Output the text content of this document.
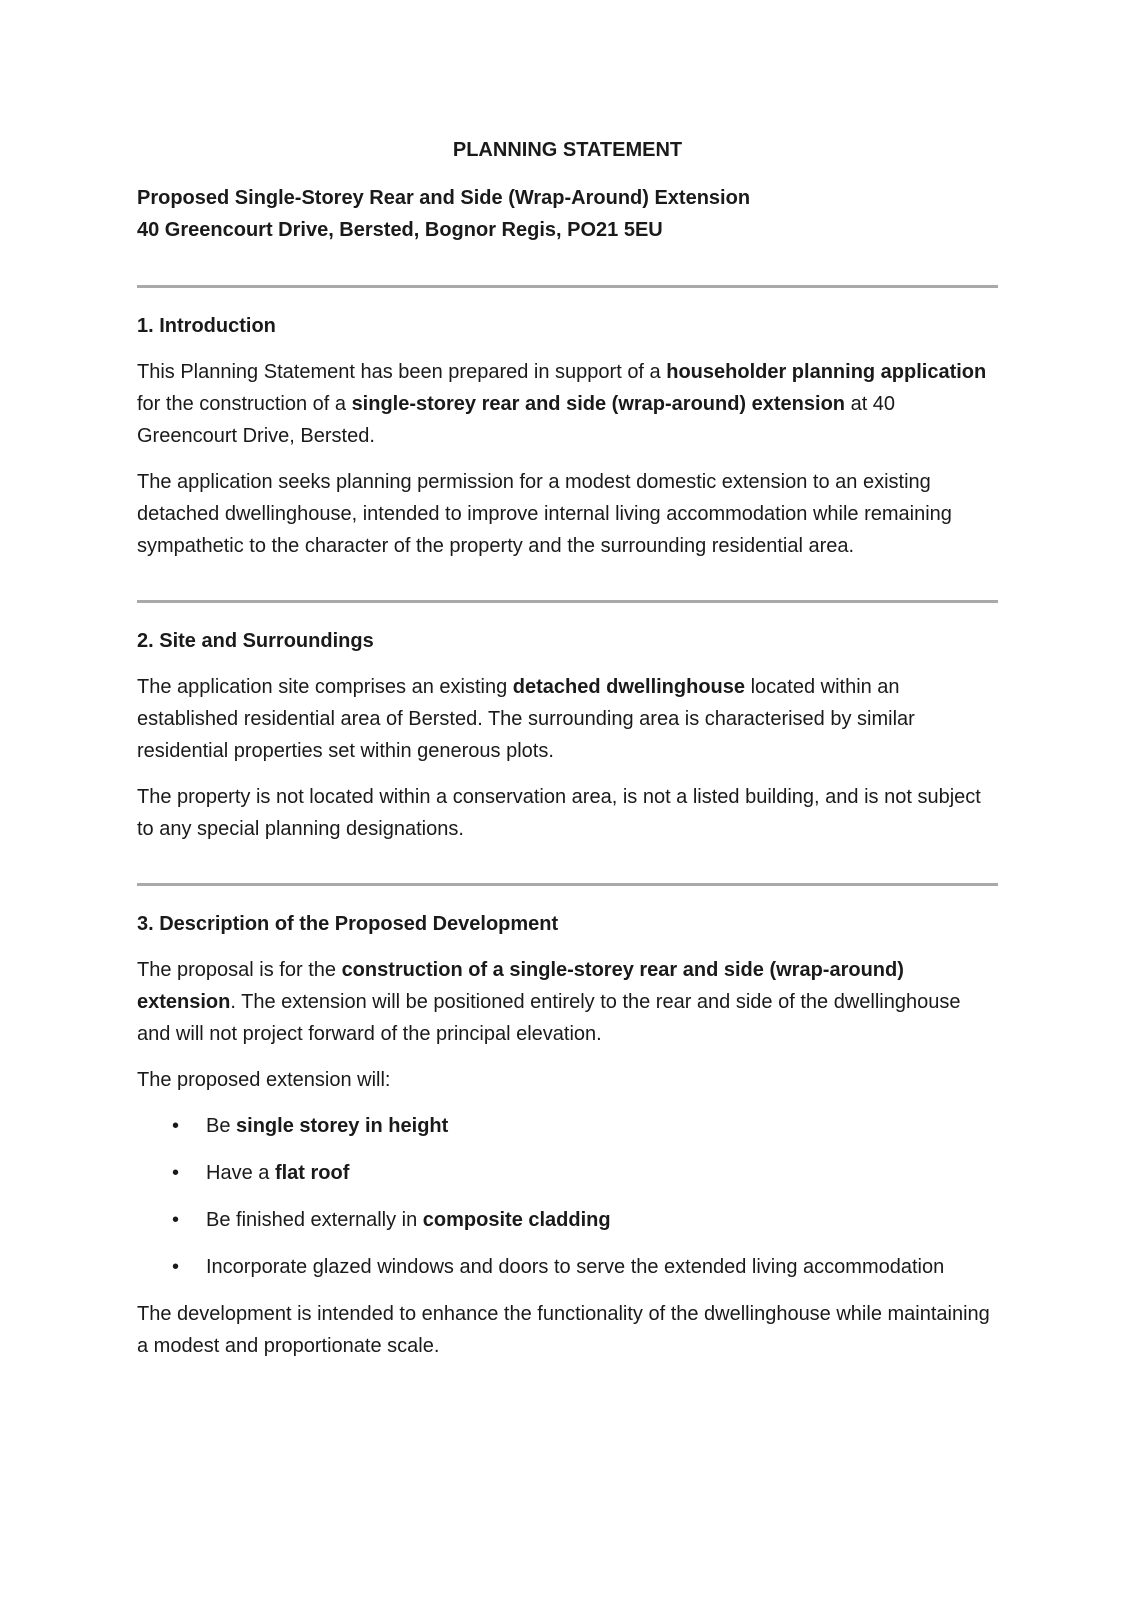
PLANNING STATEMENT
Proposed Single-Storey Rear and Side (Wrap-Around) Extension
40 Greencourt Drive, Bersted, Bognor Regis, PO21 5EU
1. Introduction

This Planning Statement has been prepared in support of a householder planning application for the construction of a single-storey rear and side (wrap-around) extension at 40 Greencourt Drive, Bersted.

The application seeks planning permission for a modest domestic extension to an existing detached dwellinghouse, intended to improve internal living accommodation while remaining sympathetic to the character of the property and the surrounding residential area.

2. Site and Surroundings

The application site comprises an existing detached dwellinghouse located within an established residential area of Bersted. The surrounding area is characterised by similar residential properties set within generous plots.

The property is not located within a conservation area, is not a listed building, and is not subject to any special planning designations.

3. Description of the Proposed Development

The proposal is for the construction of a single-storey rear and side (wrap-around) extension. The extension will be positioned entirely to the rear and side of the dwellinghouse and will not project forward of the principal elevation.

The proposed extension will:

• Be single storey in height
• Have a flat roof
• Be finished externally in composite cladding
• Incorporate glazed windows and doors to serve the extended living accommodation

The development is intended to enhance the functionality of the dwellinghouse while maintaining a modest and proportionate scale.
